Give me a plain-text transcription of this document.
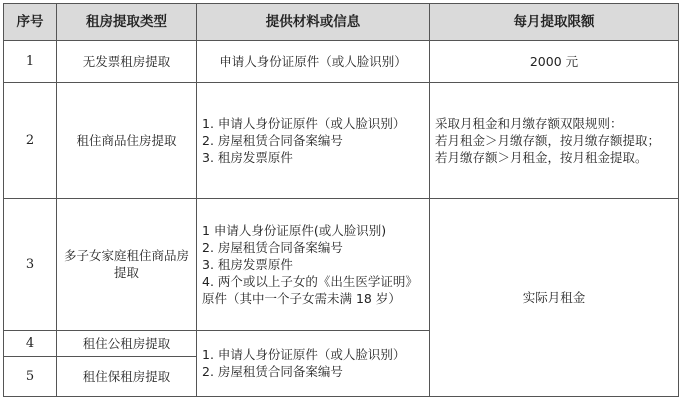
序号	租房提取类型	提供材料或信息	每月提取限额
1	无发票租房提取	申请人身份证原件（或人脸识别）	2000 元

2	租住商品住房提取	1. 申请人身份证原件（或人脸识别）
2. 房屋租赁合同备案编号
3. 租房发票原件	采取月租金和月缴存额双限规则：
若月租金＞月缴存额，按月缴存额提取；
若月缴存额＞月租金，按月租金提取。

3	多子女家庭租住商品房提取	1 申请人身份证原件(或人脸识别)
2. 房屋租赁合同备案编号
3. 租房发票原件
4. 两个或以上子女的《出生医学证明》原件（其中一个子女需未满 18 岁）	实际月租金

4	租住公租房提取	1. 申请人身份证原件（或人脸识别）
2. 房屋租赁合同备案编号	

5	租住保租房提取		
